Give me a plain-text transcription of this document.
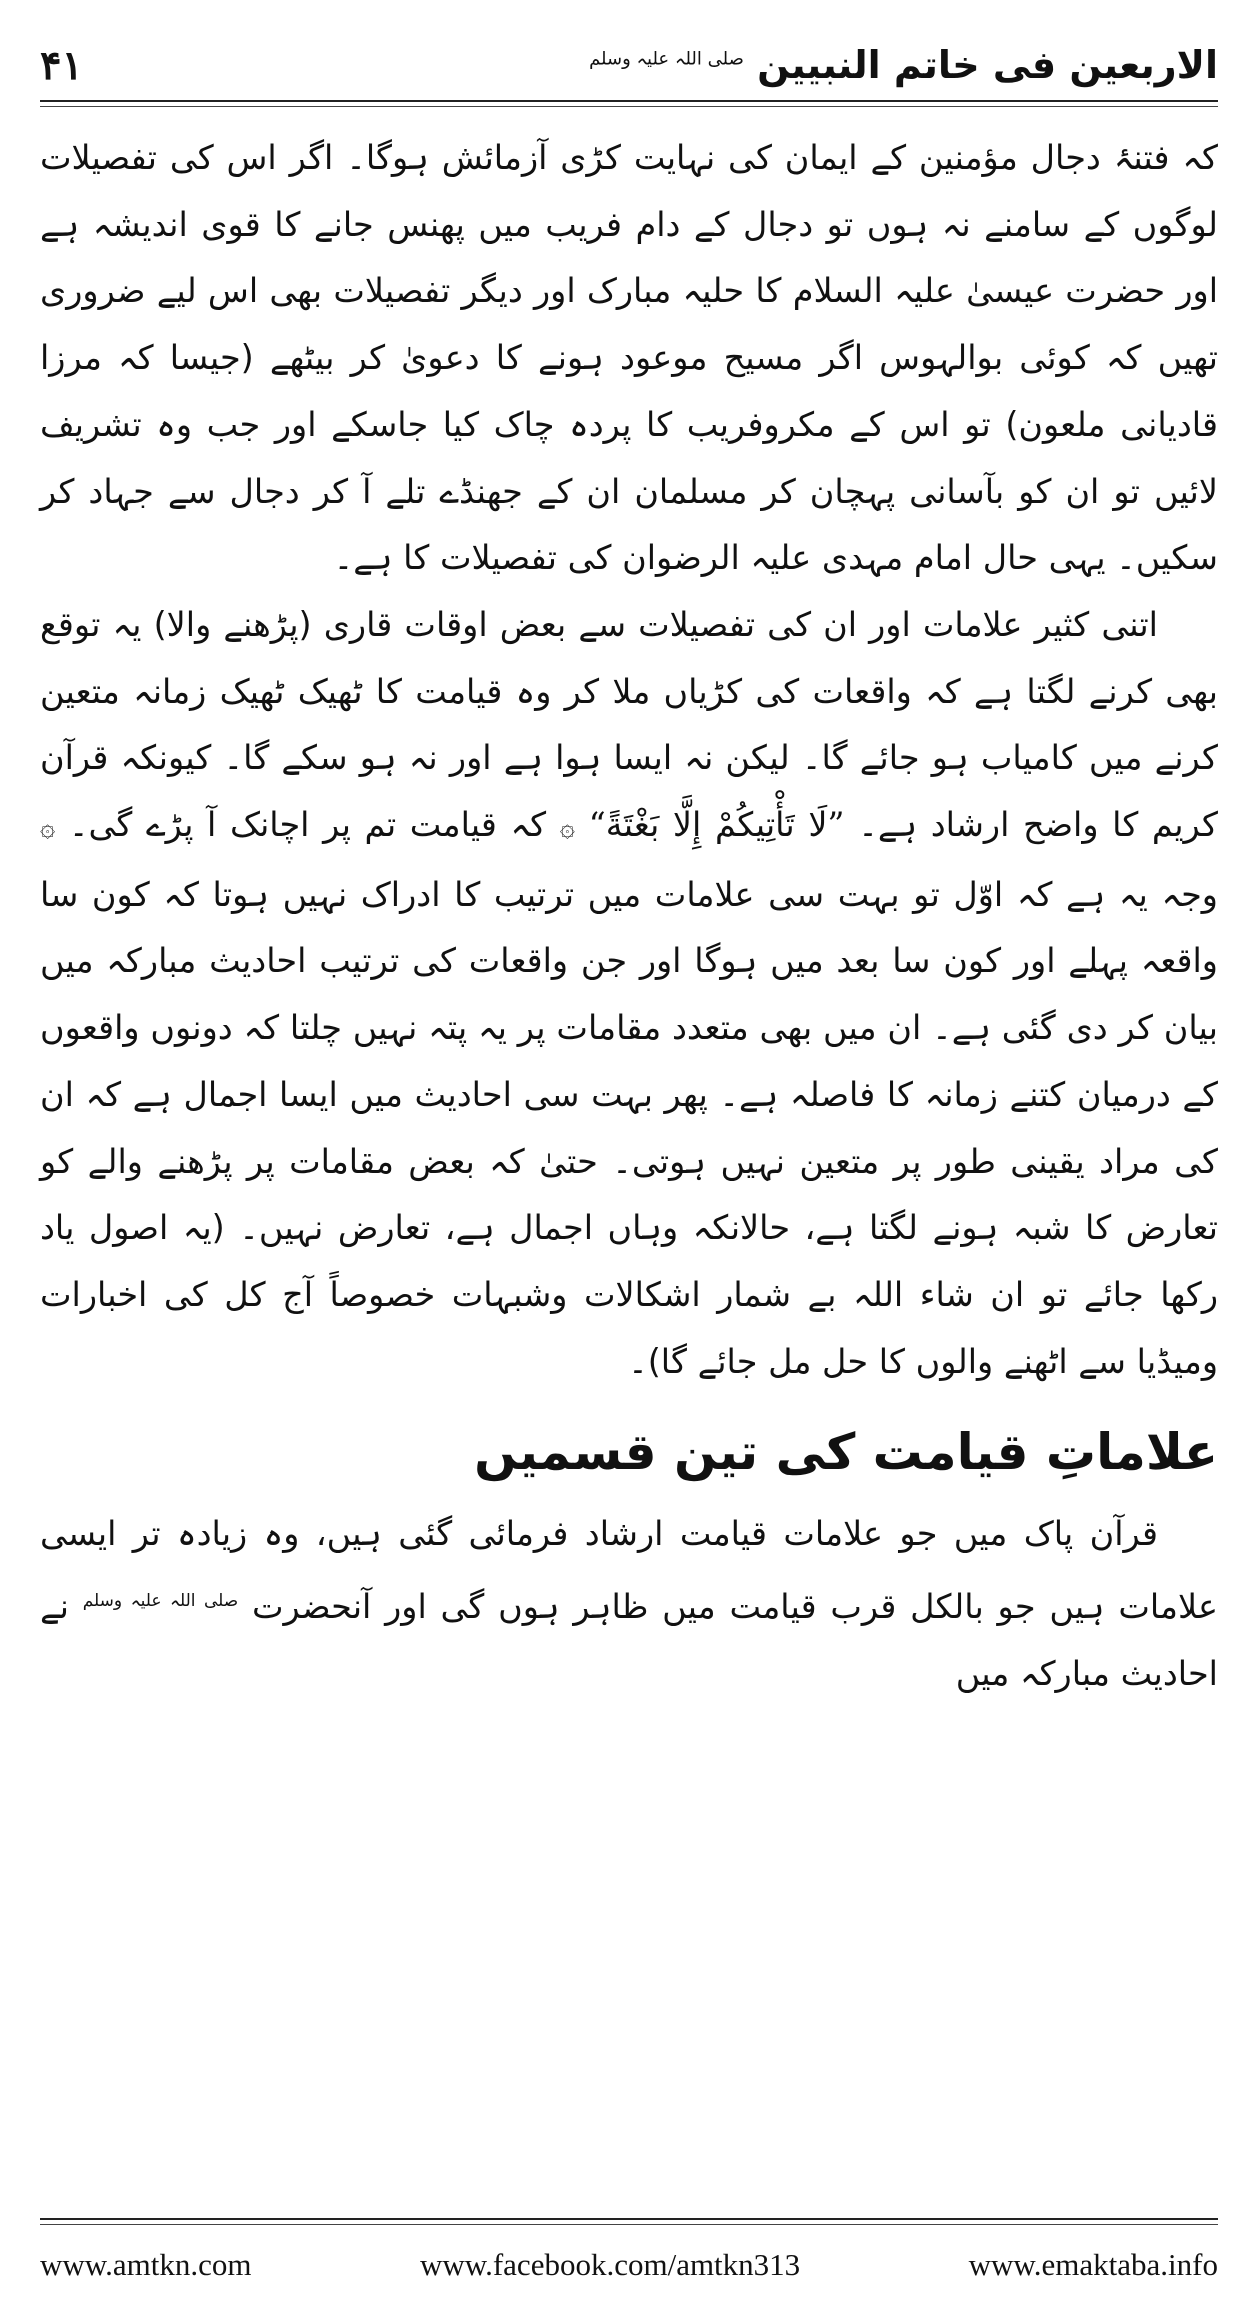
۴۱	الاربعین فی خاتم النبیین $^{صلی اللہ علیہ وسلم}$

کہ فتنۂ دجال مؤمنین کے ایمان کی نہایت کڑی آزمائش ہوگا۔ اگر اس کی تفصیلات لوگوں کے سامنے نہ ہوں تو دجال کے دام فریب میں پھنس جانے کا قوی اندیشہ ہے اور حضرت عیسیٰ علیہ السلام کا حلیہ مبارک اور دیگر تفصیلات بھی اس لیے ضروری تھیں کہ کوئی بوالہوس اگر مسیح موعود ہونے کا دعویٰ کر بیٹھے (جیسا کہ مرزا قادیانی ملعون) تو اس کے مکروفریب کا پردہ چاک کیا جاسکے اور جب وہ تشریف لائیں تو ان کو بآسانی پہچان کر مسلمان ان کے جھنڈے تلے آ کر دجال سے جہاد کر سکیں۔ یہی حال امام مہدی علیہ الرضوان کی تفصیلات کا ہے۔

اتنی کثیر علامات اور ان کی تفصیلات سے بعض اوقات قاری (پڑھنے والا) یہ توقع بھی کرنے لگتا ہے کہ واقعات کی کڑیاں ملا کر وہ قیامت کا ٹھیک ٹھیک زمانہ متعین کرنے میں کامیاب ہو جائے گا۔ لیکن نہ ایسا ہوا ہے اور نہ ہو سکے گا۔ کیونکہ قرآن کریم کا واضح ارشاد ہے۔ ”لَا تَأْتِيكُمْ إِلَّا بَغْتَةً“ ۞ کہ قیامت تم پر اچانک آ پڑے گی۔ ۞ وجہ یہ ہے کہ اوّل تو بہت سی علامات میں ترتیب کا ادراک نہیں ہوتا کہ کون سا واقعہ پہلے اور کون سا بعد میں ہوگا اور جن واقعات کی ترتیب احادیث مبارکہ میں بیان کر دی گئی ہے۔ ان میں بھی متعدد مقامات پر یہ پتہ نہیں چلتا کہ دونوں واقعوں کے درمیان کتنے زمانہ کا فاصلہ ہے۔ پھر بہت سی احادیث میں ایسا اجمال ہے کہ ان کی مراد یقینی طور پر متعین نہیں ہوتی۔ حتیٰ کہ بعض مقامات پر پڑھنے والے کو تعارض کا شبہ ہونے لگتا ہے، حالانکہ وہاں اجمال ہے، تعارض نہیں۔ (یہ اصول یاد رکھا جائے تو ان شاء اللہ بے شمار اشکالات وشبہات خصوصاً آج کل کی اخبارات ومیڈیا سے اٹھنے والوں کا حل مل جائے گا)۔

علاماتِ قیامت کی تین قسمیں

قرآن پاک میں جو علامات قیامت ارشاد فرمائی گئی ہیں، وہ زیادہ تر ایسی علامات ہیں جو بالکل قرب قیامت میں ظاہر ہوں گی اور آنحضرت $^{صلی اللہ علیہ وسلم}$ نے احادیث مبارکہ میں

www.amtkn.com	www.facebook.com/amtkn313	www.emaktaba.info
